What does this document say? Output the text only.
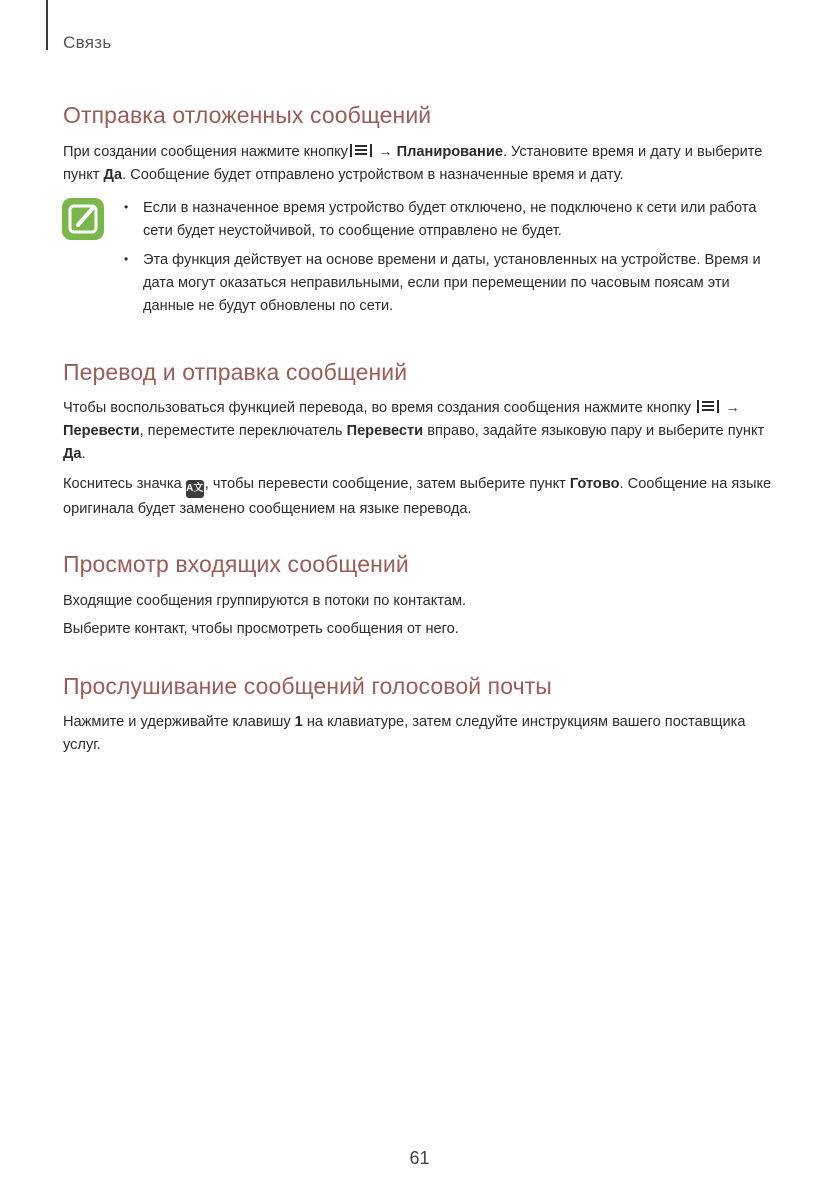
Связь
Отправка отложенных сообщений

При создании сообщения нажмите кнопку
→ Планирование. Установите время и дату и выберите пункт Да. Сообщение будет отправлено устройством в назначенные время и дату.

• Если в назначенное время устройство будет отключено, не подключено к сети или работа сети будет неустойчивой, то сообщение отправлено не будет.

• Эта функция действует на основе времени и даты, установленных на устройстве. Время и дата могут оказаться неправильными, если при перемещении по часовым поясам эти данные не будут обновлены по сети.

Перевод и отправка сообщений

Чтобы воспользоваться функцией перевода, во время создания сообщения нажмите кнопку → Перевести, переместите переключатель Перевести вправо, задайте языковую пару и выберите пункт Да.

Коснитесь значка A文, чтобы перевести сообщение, затем выберите пункт Готово. Сообщение на языке оригинала будет заменено сообщением на языке перевода.

Просмотр входящих сообщений

Входящие сообщения группируются в потоки по контактам.

Выберите контакт, чтобы просмотреть сообщения от него.

Прослушивание сообщений голосовой почты

Нажмите и удерживайте клавишу 1 на клавиатуре, затем следуйте инструкциям вашего поставщика услуг.

61
